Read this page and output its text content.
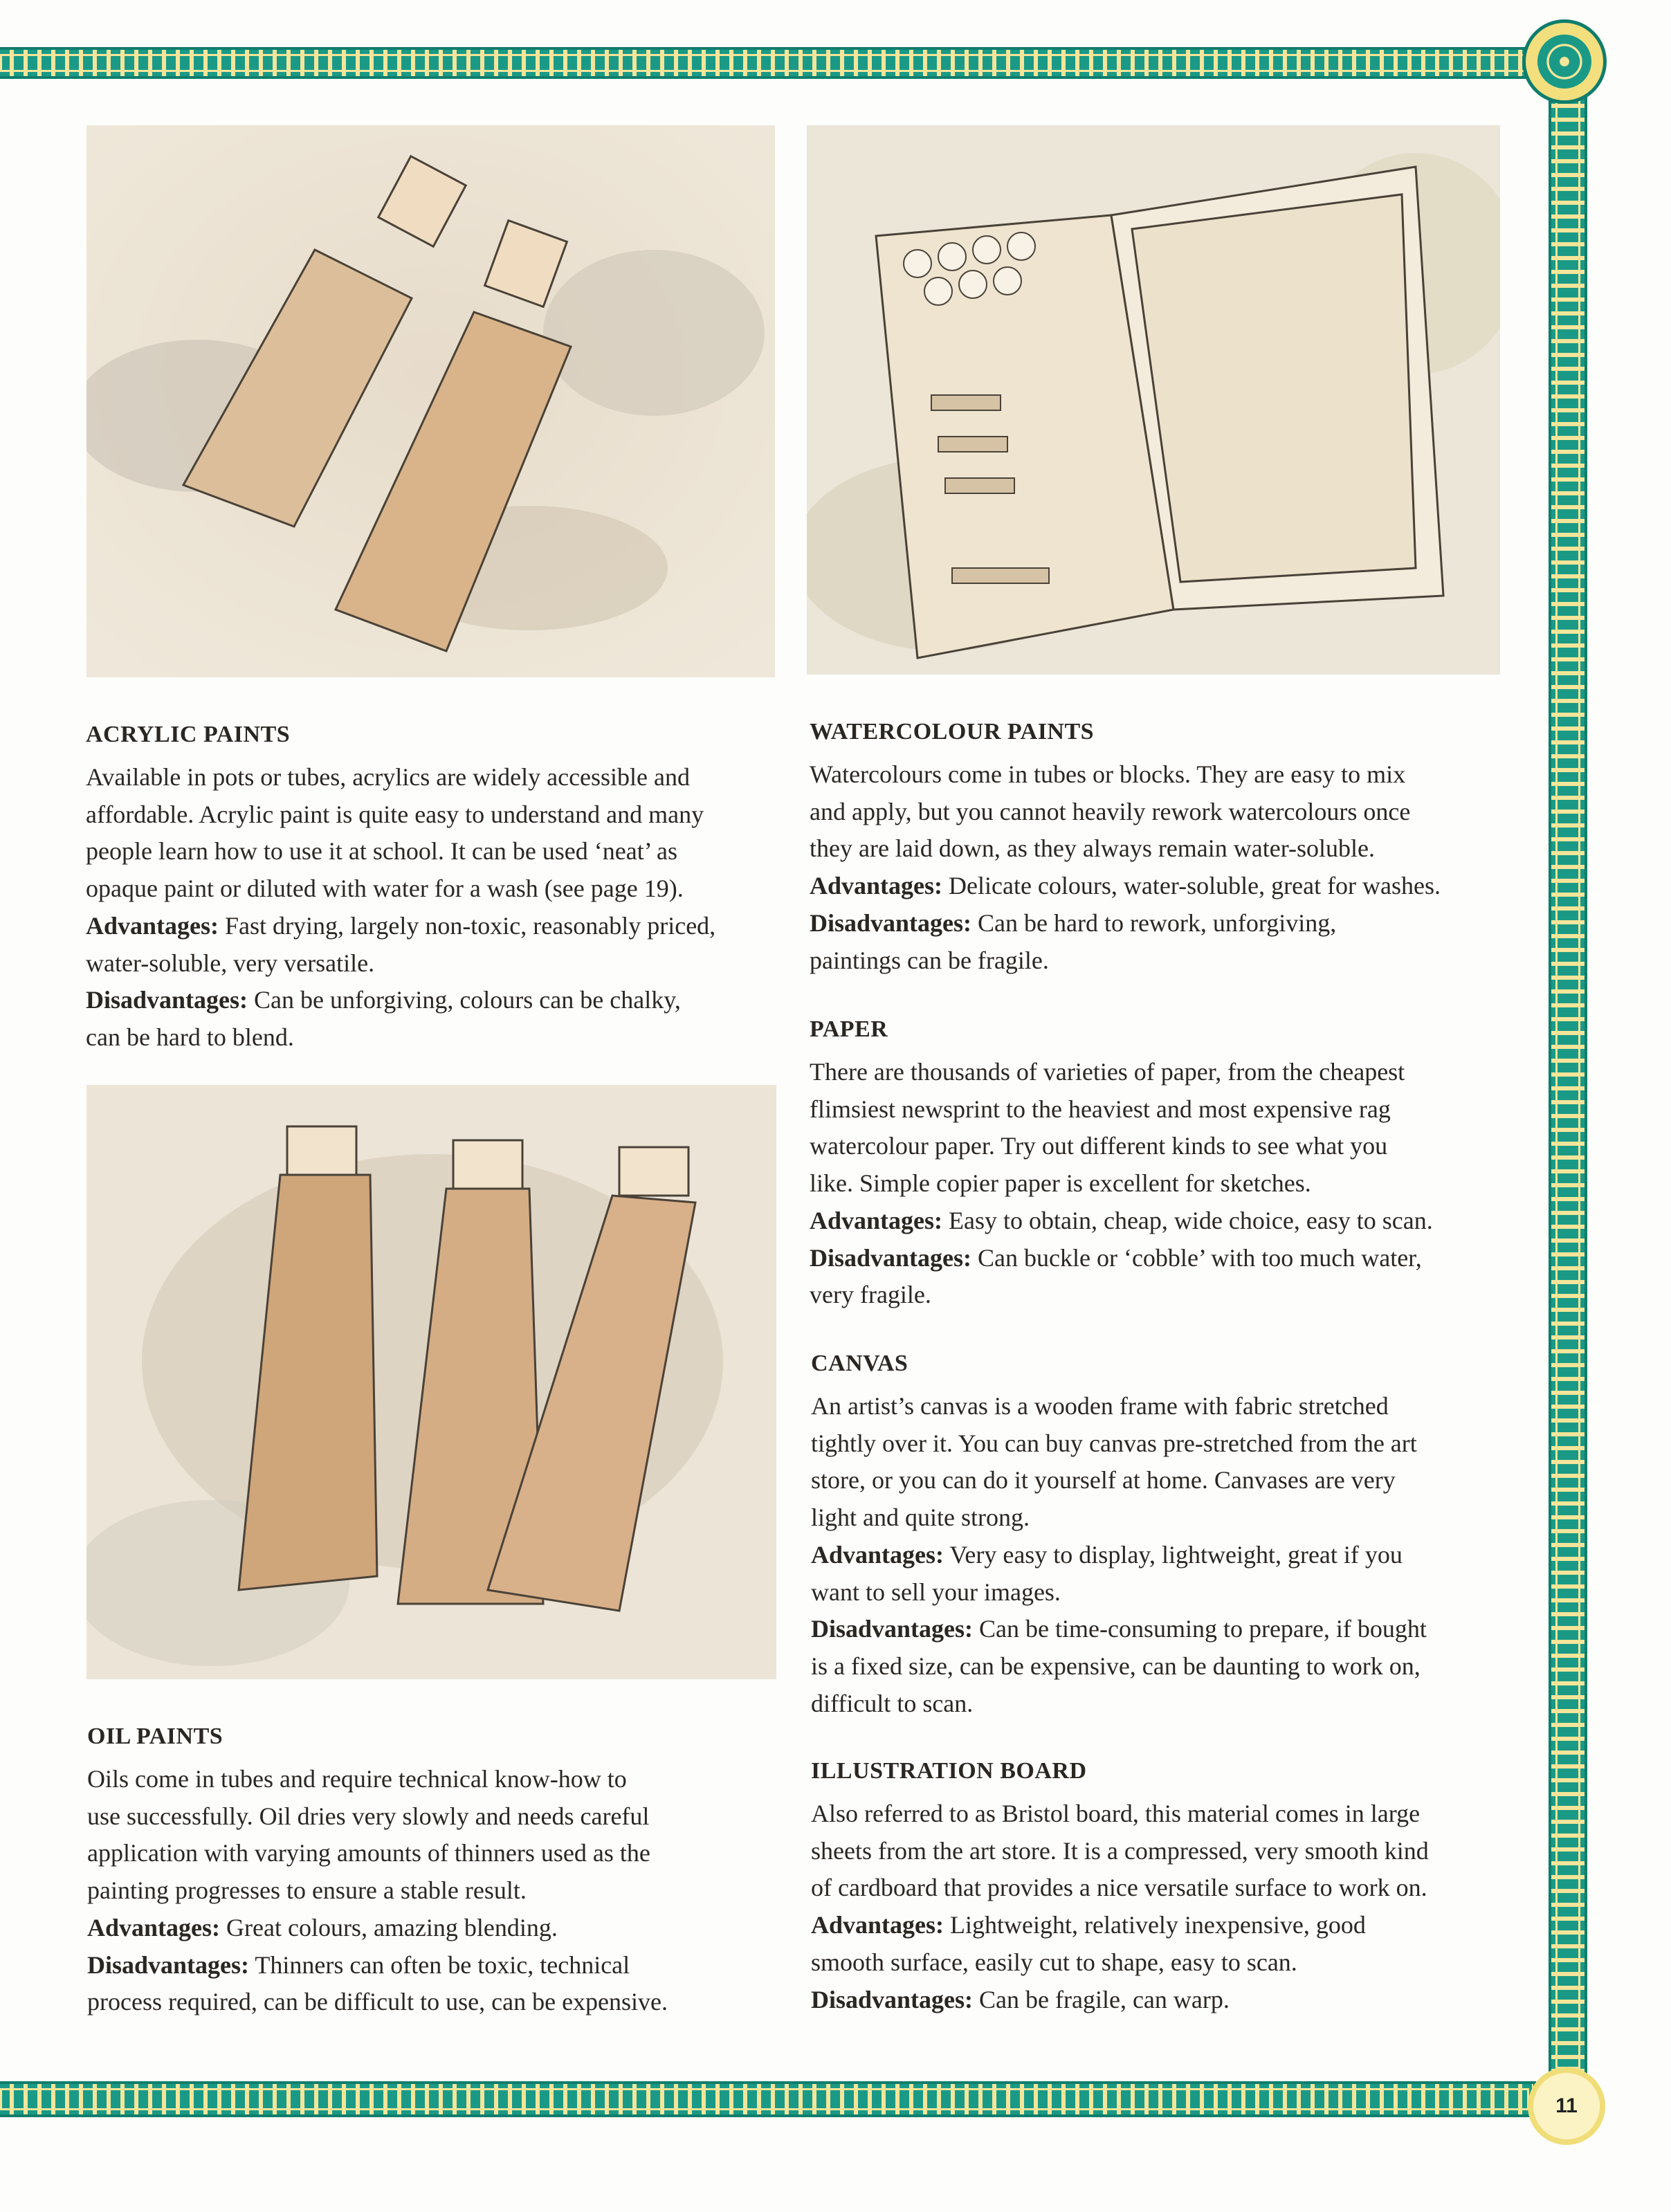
11
ACRYLIC PAINTS
Available in pots or tubes, acrylics are widely accessible and
affordable. Acrylic paint is quite easy to understand and many
people learn how to use it at school. It can be used ‘neat’ as
opaque paint or diluted with water for a wash (see page 19).
Advantages: Fast drying, largely non-toxic, reasonably priced,
water-soluble, very versatile.
Disadvantages: Can be unforgiving, colours can be chalky,
can be hard to blend.
OIL PAINTS
Oils come in tubes and require technical know-how to
use successfully. Oil dries very slowly and needs careful
application with varying amounts of thinners used as the
painting progresses to ensure a stable result.
Advantages: Great colours, amazing blending.
Disadvantages: Thinners can often be toxic, technical
process required, can be difficult to use, can be expensive.
WATERCOLOUR PAINTS
Watercolours come in tubes or blocks. They are easy to mix
and apply, but you cannot heavily rework watercolours once
they are laid down, as they always remain water-soluble.
Advantages: Delicate colours, water-soluble, great for washes.
Disadvantages: Can be hard to rework, unforgiving,
paintings can be fragile.
PAPER
There are thousands of varieties of paper, from the cheapest
flimsiest newsprint to the heaviest and most expensive rag
watercolour paper. Try out different kinds to see what you
like. Simple copier paper is excellent for sketches.
Advantages: Easy to obtain, cheap, wide choice, easy to scan.
Disadvantages: Can buckle or ‘cobble’ with too much water,
very fragile.
CANVAS
An artist’s canvas is a wooden frame with fabric stretched
tightly over it. You can buy canvas pre-stretched from the art
store, or you can do it yourself at home. Canvases are very
light and quite strong.
Advantages: Very easy to display, lightweight, great if you
want to sell your images.
Disadvantages: Can be time-consuming to prepare, if bought
is a fixed size, can be expensive, can be daunting to work on,
difficult to scan.
ILLUSTRATION BOARD
Also referred to as Bristol board, this material comes in large
sheets from the art store. It is a compressed, very smooth kind
of cardboard that provides a nice versatile surface to work on.
Advantages: Lightweight, relatively inexpensive, good
smooth surface, easily cut to shape, easy to scan.
Disadvantages: Can be fragile, can warp.
